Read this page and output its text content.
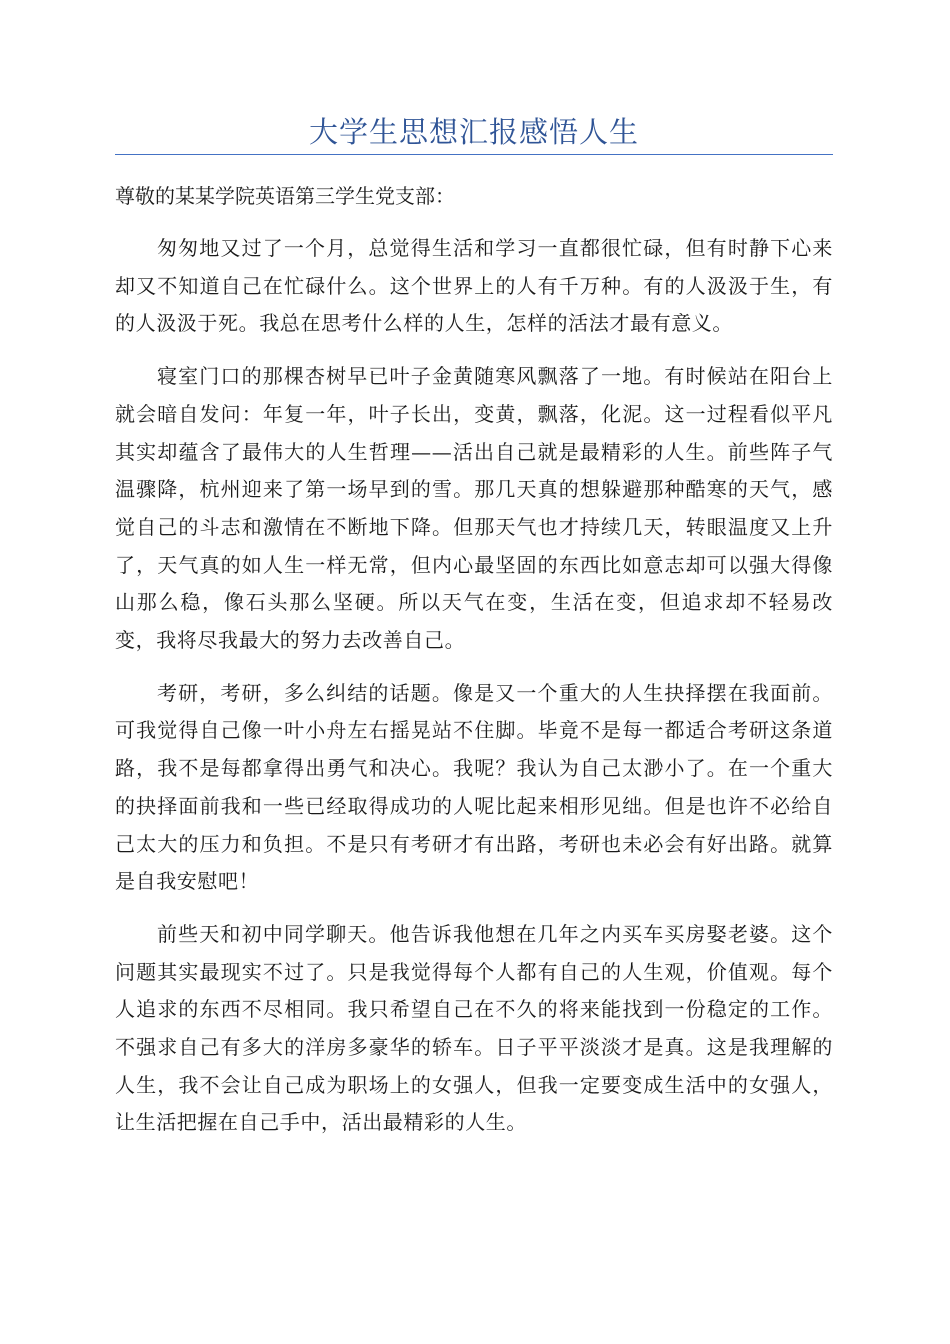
大学生思想汇报感悟人生

尊敬的某某学院英语第三学生党支部：

匆匆地又过了一个月，总觉得生活和学习一直都很忙碌，但有时静下心来却又不知道自己在忙碌什么。这个世界上的人有千万种。有的人汲汲于生，有的人汲汲于死。我总在思考什么样的人生，怎样的活法才最有意义。

寝室门口的那棵杏树早已叶子金黄随寒风飘落了一地。有时候站在阳台上就会暗自发问：年复一年，叶子长出，变黄，飘落，化泥。这一过程看似平凡其实却蕴含了最伟大的人生哲理——活出自己就是最精彩的人生。前些阵子气温骤降，杭州迎来了第一场早到的雪。那几天真的想躲避那种酷寒的天气，感觉自己的斗志和激情在不断地下降。但那天气也才持续几天，转眼温度又上升了，天气真的如人生一样无常，但内心最坚固的东西比如意志却可以强大得像山那么稳，像石头那么坚硬。所以天气在变，生活在变，但追求却不轻易改变，我将尽我最大的努力去改善自己。

考研，考研，多么纠结的话题。像是又一个重大的人生抉择摆在我面前。可我觉得自己像一叶小舟左右摇晃站不住脚。毕竟不是每一都适合考研这条道路，我不是每都拿得出勇气和决心。我呢？我认为自己太渺小了。在一个重大的抉择面前我和一些已经取得成功的人呢比起来相形见绌。但是也许不必给自己太大的压力和负担。不是只有考研才有出路，考研也未必会有好出路。就算是自我安慰吧！

前些天和初中同学聊天。他告诉我他想在几年之内买车买房娶老婆。这个问题其实最现实不过了。只是我觉得每个人都有自己的人生观，价值观。每个人追求的东西不尽相同。我只希望自己在不久的将来能找到一份稳定的工作。不强求自己有多大的洋房多豪华的轿车。日子平平淡淡才是真。这是我理解的人生，我不会让自己成为职场上的女强人，但我一定要变成生活中的女强人，让生活把握在自己手中，活出最精彩的人生。
